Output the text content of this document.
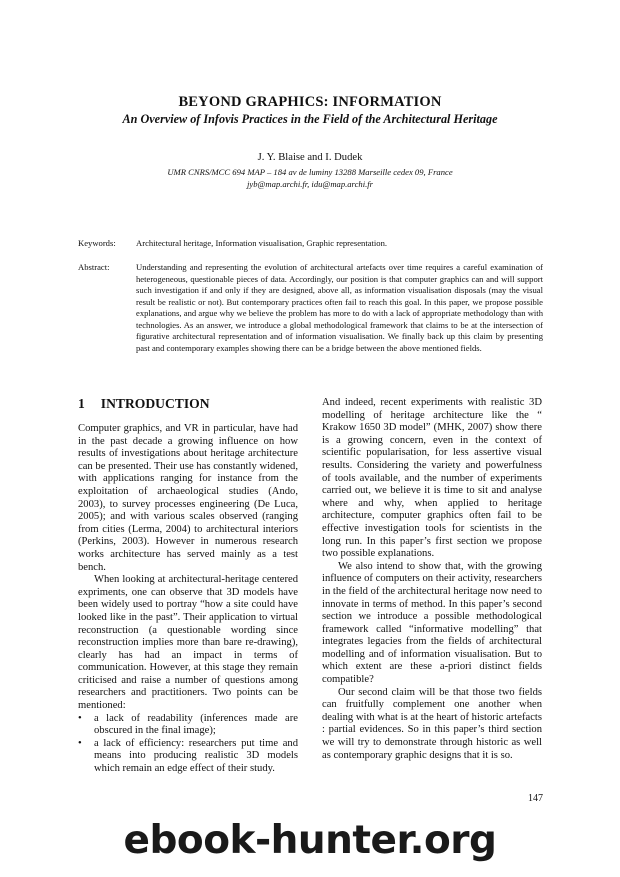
BEYOND GRAPHICS: INFORMATION
An Overview of Infovis Practices in the Field of the Architectural Heritage
J. Y. Blaise and I. Dudek
UMR CNRS/MCC 694 MAP – 184 av de luminy 13288 Marseille cedex 09, France
jyb@map.archi.fr, idu@map.archi.fr
Keywords: Architectural heritage, Information visualisation, Graphic representation.
Abstract:	Understanding and representing the evolution of architectural artefacts over time requires a careful examination of heterogeneous, questionable pieces of data. Accordingly, our position is that computer graphics can and will support such investigation if and only if they are designed, above all, as information visualisation disposals (may the visual result be realistic or not). But contemporary practices often fail to reach this goal. In this paper, we propose possible explanations, and argue why we believe the problem has more to do with a lack of appropriate methodology than with technologies. As an answer, we introduce a global methodological framework that claims to be at the intersection of figurative architectural representation and of information visualisation. We finally back up this claim by presenting past and contemporary examples showing there can be a bridge between the above mentioned fields.
1 INTRODUCTION

Computer graphics, and VR in particular, have had in the past decade a growing influence on how results of investigations about heritage architecture can be presented. Their use has constantly widened, with applications ranging for instance from the exploitation of archaeological studies (Ando, 2003), to survey processes engineering (De Luca, 2005); and with various scales observed (ranging from cities (Lerma, 2004) to architectural interiors (Perkins, 2003). However in numerous research works architecture has served mainly as a test bench.

When looking at architectural-heritage centered expriments, one can observe that 3D models have been widely used to portray “how a site could have looked like in the past”. Their application to virtual reconstruction (a questionable wording since reconstruction implies more than bare re-drawing), clearly has had an impact in terms of communication. However, at this stage they remain criticised and raise a number of questions among researchers and practitioners. Two points can be mentioned:

• a lack of readability (inferences made are obscured in the final image);
• a lack of efficiency: researchers put time and means into producing realistic 3D models which remain an edge effect of their study.

And indeed, recent experiments with realistic 3D modelling of heritage architecture like the “ Krakow 1650 3D model” (MHK, 2007) show there is a growing concern, even in the context of scientific popularisation, for less assertive visual results. Considering the variety and powerfulness of tools available, and the number of experiments carried out, we believe it is time to sit and analyse where and why, when applied to heritage architecture, computer graphics often fail to be effective investigation tools for scientists in the long run. In this paper’s first section we propose two possible explanations.

We also intend to show that, with the growing influence of computers on their activity, researchers in the field of the architectural heritage now need to innovate in terms of method. In this paper’s second section we introduce a possible methodological framework called “informative modelling” that integrates legacies from the fields of architectural modelling and of information visualisation. But to which extent are these a-priori distinct fields compatible?

Our second claim will be that those two fields can fruitfully complement one another when dealing with what is at the heart of historic artefacts : partial evidences. So in this paper’s third section we will try to demonstrate through historic as well as contemporary graphic designs that it is so.

147
ebook-hunter.org
